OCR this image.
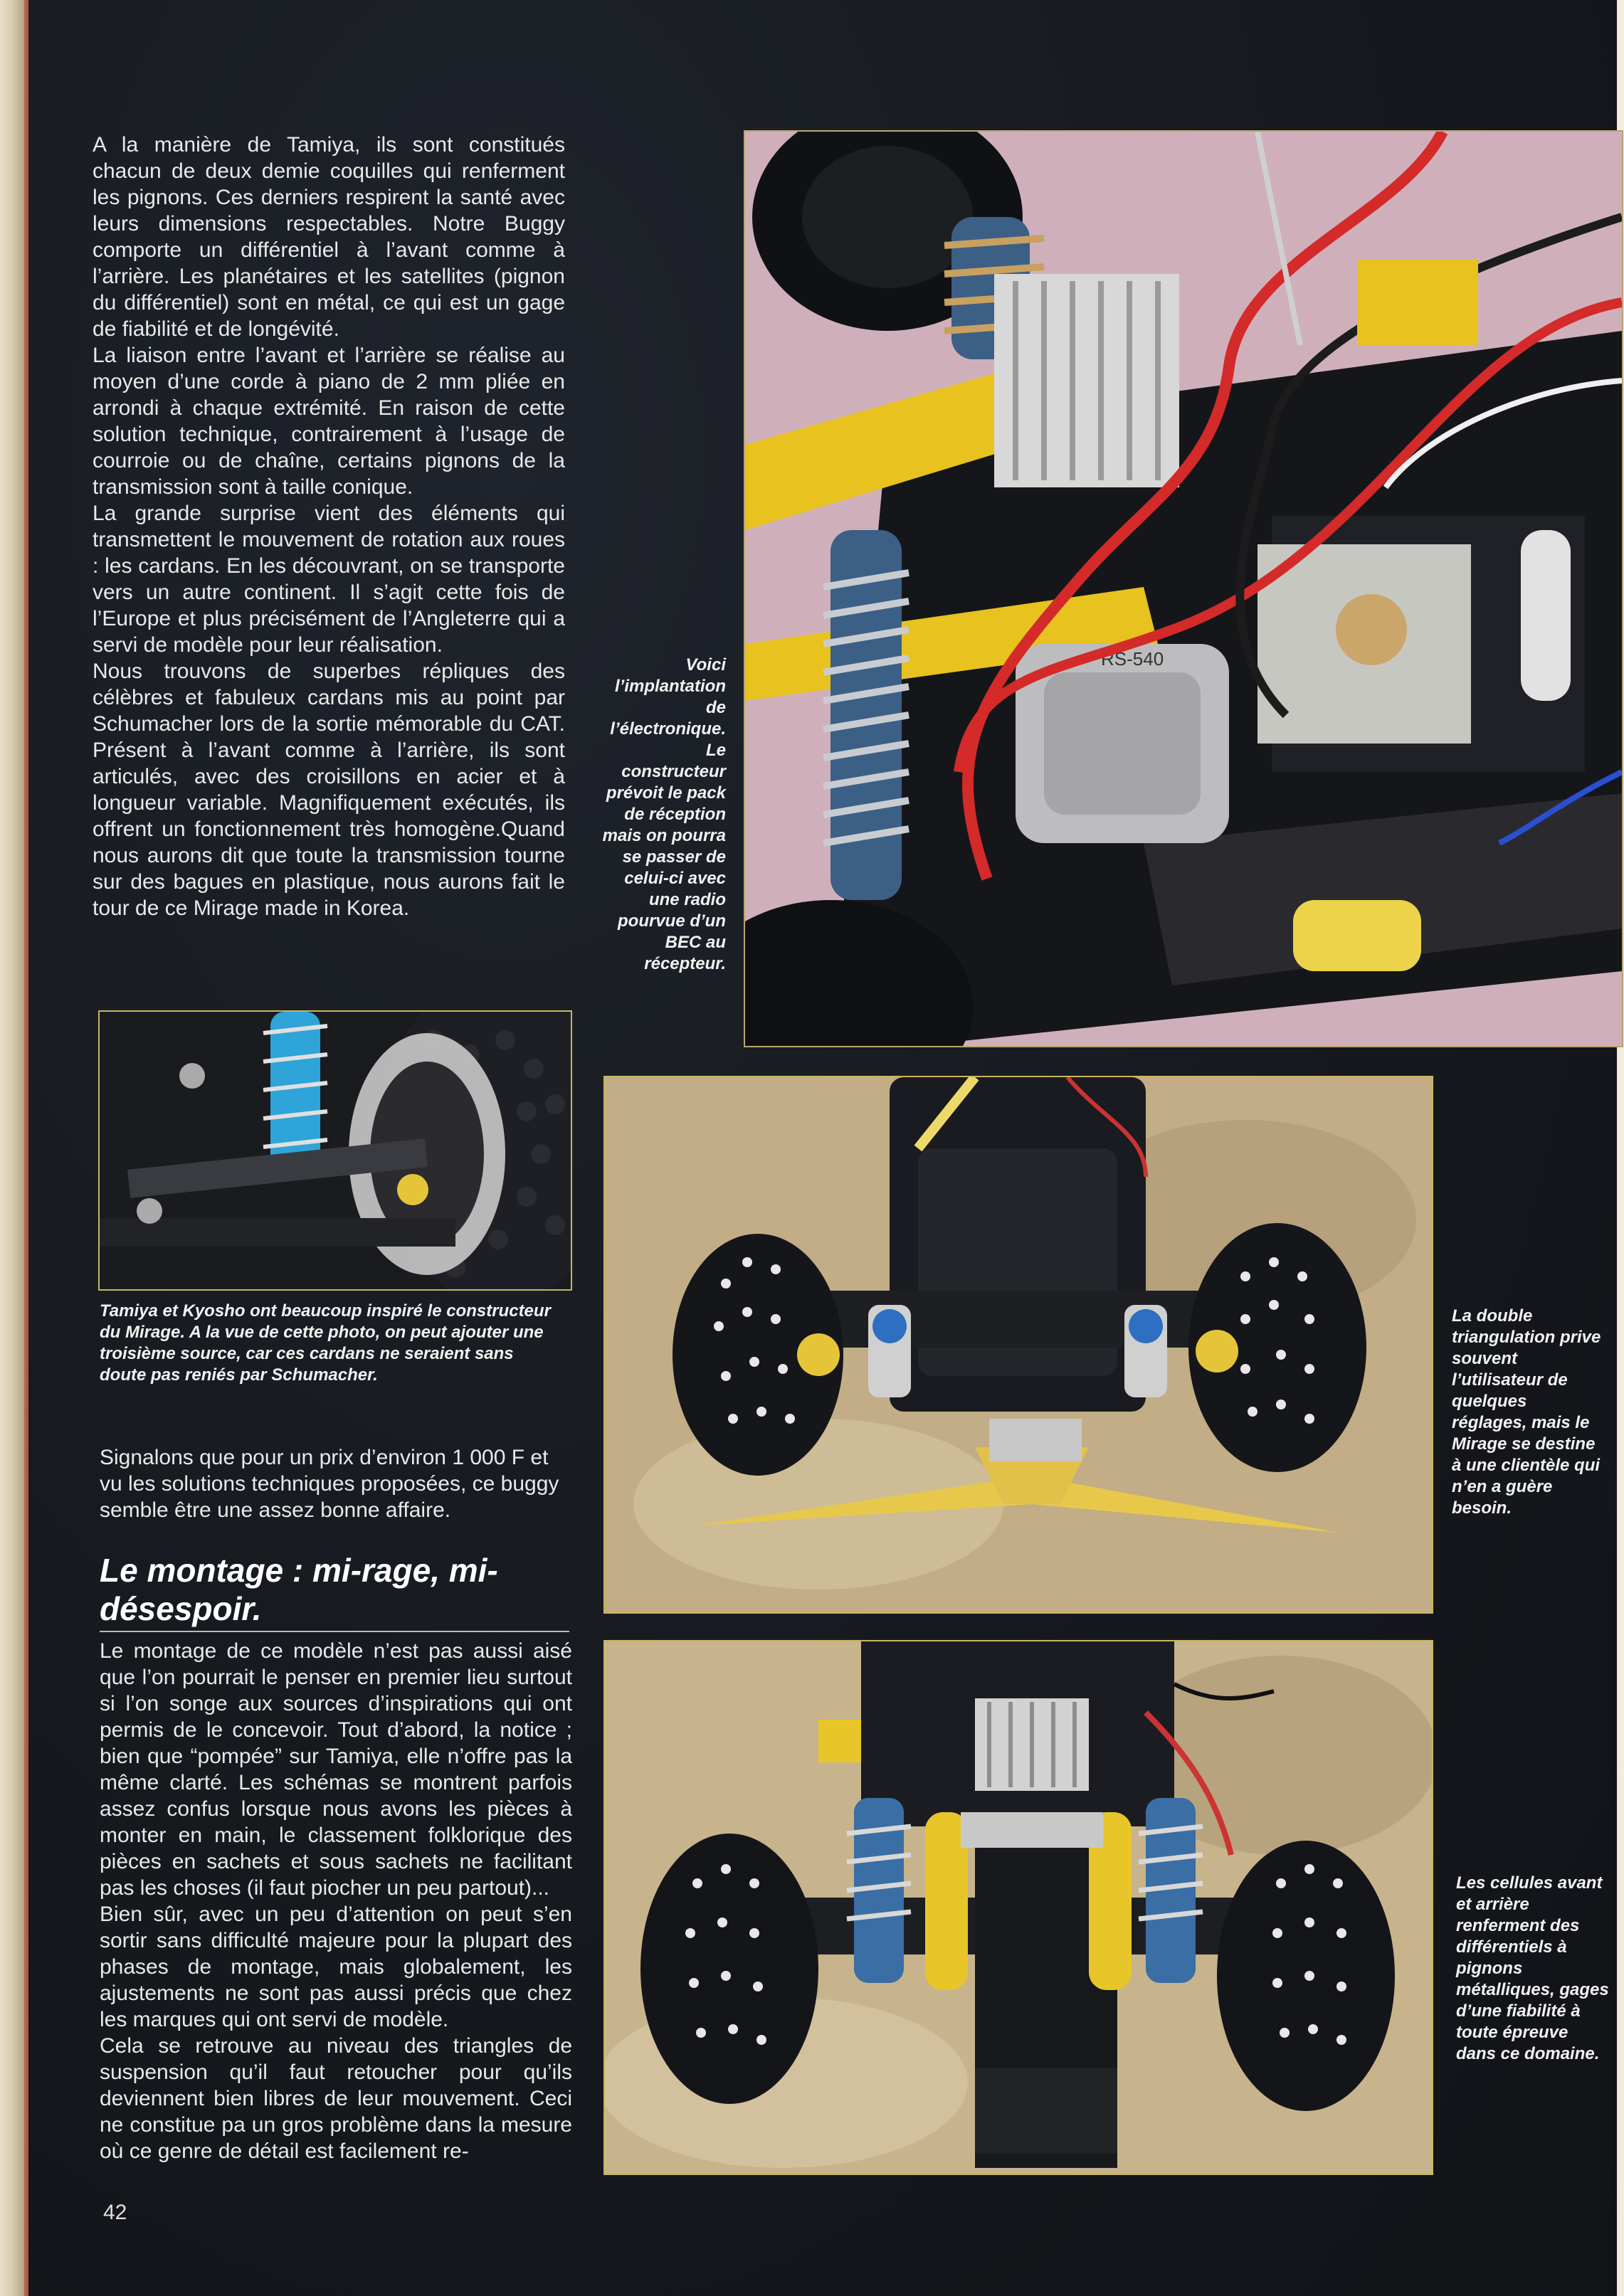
A la manière de Tamiya, ils sont constitués chacun de deux demie coquilles qui renferment les pignons. Ces derniers respirent la santé avec leurs dimensions respectables. Notre Buggy comporte un différentiel à l’avant comme à l’arrière. Les planétaires et les satellites (pignon du différentiel) sont en métal, ce qui est un gage de fiabilité et de longévité.

La liaison entre l’avant et l’arrière se réalise au moyen d’une corde à piano de 2 mm pliée en arrondi à chaque extrémité. En raison de cette solution technique, contrairement à l’usage de courroie ou de chaîne, certains pignons de la transmission sont à taille conique.

La grande surprise vient des éléments qui transmettent le mouvement de rotation aux roues : les cardans. En les découvrant, on se transporte vers un autre continent. Il s’agit cette fois de l’Europe et plus précisément de l’Angleterre qui a servi de modèle pour leur réalisation.

Nous trouvons de superbes répliques des célèbres et fabuleux cardans mis au point par Schumacher lors de la sortie mémorable du CAT. Présent à l’avant comme à l’arrière, ils sont articulés, avec des croisillons en acier et à longueur variable. Magnifiquement exécutés, ils offrent un fonctionnement très homogène.Quand nous aurons dit que toute la transmission tourne sur des bagues en plastique, nous aurons fait le tour de ce Mirage made in Korea.

RS-540

Voici l’implantation de l’électronique. Le constructeur prévoit le pack de réception mais on pourra se passer de celui-ci avec une radio pourvue d’un BEC au récepteur.

Tamiya et Kyosho ont beaucoup inspiré le constructeur du Mirage. A la vue de cette photo, on peut ajouter une troisième source, car ces cardans ne seraient sans doute pas reniés par Schumacher.

Signalons que pour un prix d’environ 1 000 F et vu les solutions techniques proposées, ce buggy semble être une assez bonne affaire.

Le montage : mi-rage, mi-désespoir.

Le montage de ce modèle n’est pas aussi aisé que l’on pourrait le penser en premier lieu surtout si l’on songe aux sources d’inspirations qui ont permis de le concevoir. Tout d’abord, la notice ; bien que “pompée” sur Tamiya, elle n’offre pas la même clarté. Les schémas se montrent parfois assez confus lorsque nous avons les pièces à monter en main, le classement folklorique des pièces en sachets et sous sachets ne facilitant pas les choses (il faut piocher un peu partout)...

Bien sûr, avec un peu d’attention on peut s’en sortir sans difficulté majeure pour la plupart des phases de montage, mais globalement, les ajustements ne sont pas aussi précis que chez les marques qui ont servi de modèle.

Cela se retrouve au niveau des triangles de suspension qu’il faut retoucher pour qu’ils deviennent bien libres de leur mouvement. Ceci ne constitue pa un gros problème dans la mesure où ce genre de détail est facilement re-

La double triangulation prive souvent l’utilisateur de quelques réglages, mais le Mirage se destine à une clientèle qui n’en a guère besoin.

Les cellules avant et arrière renferment des différentiels à pignons métalliques, gages d’une fiabilité à toute épreuve dans ce domaine.

42
